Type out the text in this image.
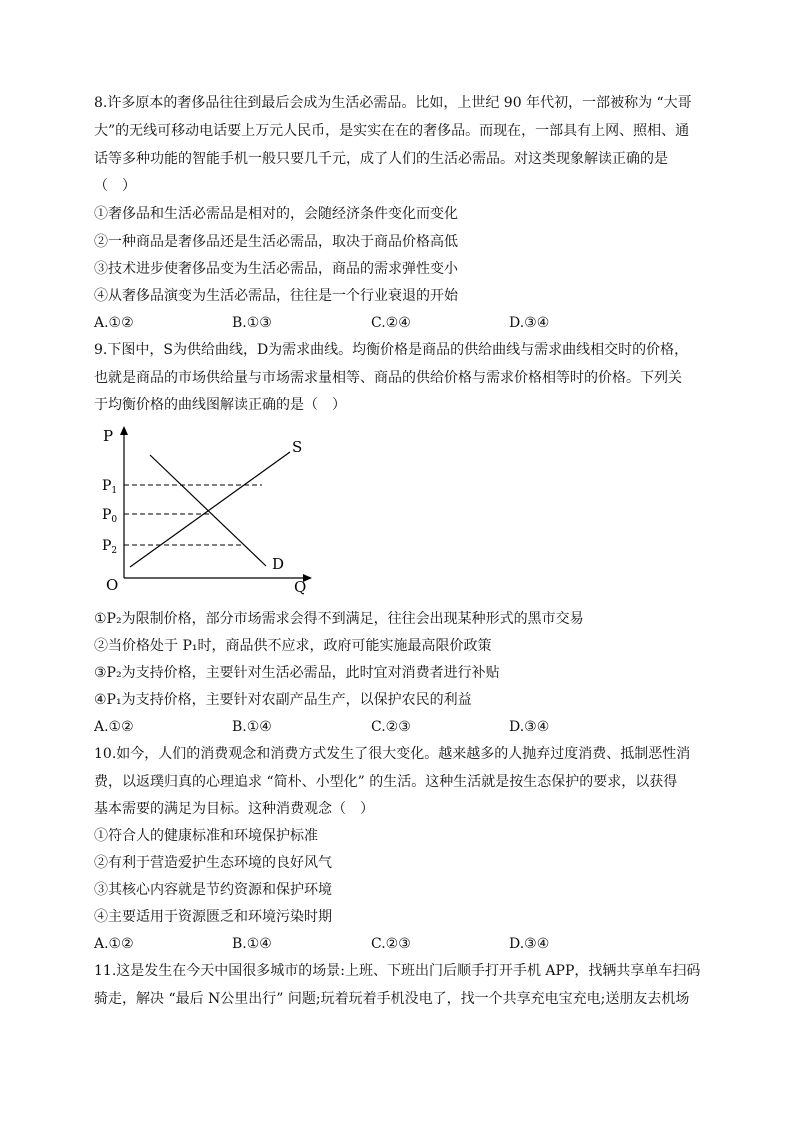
8.许多原本的奢侈品往往到最后会成为生活必需品。比如，上世纪 90 年代初，一部被称为 “大哥
大”的无线可移动电话要上万元人民币，是实实在在的奢侈品。而现在，一部具有上网、照相、通
话等多种功能的智能手机一般只要几千元，成了人们的生活必需品。对这类现象解读正确的是
（　）
①奢侈品和生活必需品是相对的，会随经济条件变化而变化
②一种商品是奢侈品还是生活必需品，取决于商品价格高低
③技术进步使奢侈品变为生活必需品，商品的需求弹性变小
④从奢侈品演变为生活必需品，往往是一个行业衰退的开始
A.①②	B.①③	C.②④	D.③④
9.下图中，S为供给曲线，D为需求曲线。均衡价格是商品的供给曲线与需求曲线相交时的价格，
也就是商品的市场供给量与市场需求量相等、商品的供给价格与需求价格相等时的价格。下列关
于均衡价格的曲线图解读正确的是（　）
P
Q
O
S
D
$P_1$
$P_0$
$P_2$
①P₂为限制价格，部分市场需求会得不到满足，往往会出现某种形式的黑市交易
②当价格处于 P₁时，商品供不应求，政府可能实施最高限价政策
③P₂为支持价格，主要针对生活必需品，此时宜对消费者进行补贴
④P₁为支持价格，主要针对农副产品生产，以保护农民的利益
A.①②	B.①④	C.②③	D.③④
10.如今，人们的消费观念和消费方式发生了很大变化。越来越多的人抛弃过度消费、抵制恶性消
费，以返璞归真的心理追求 “简朴、小型化” 的生活。这种生活就是按生态保护的要求，以获得
基本需要的满足为目标。这种消费观念（　）
①符合人的健康标准和环境保护标准
②有利于营造爱护生态环境的良好风气
③其核心内容就是节约资源和保护环境
④主要适用于资源匮乏和环境污染时期
A.①②	B.①④	C.②③	D.③④
11.这是发生在今天中国很多城市的场景:上班、下班出门后顺手打开手机 APP，找辆共享单车扫码
骑走，解决 “最后 N公里出行” 问题;玩着玩着手机没电了，找一个共享充电宝充电;送朋友去机场
